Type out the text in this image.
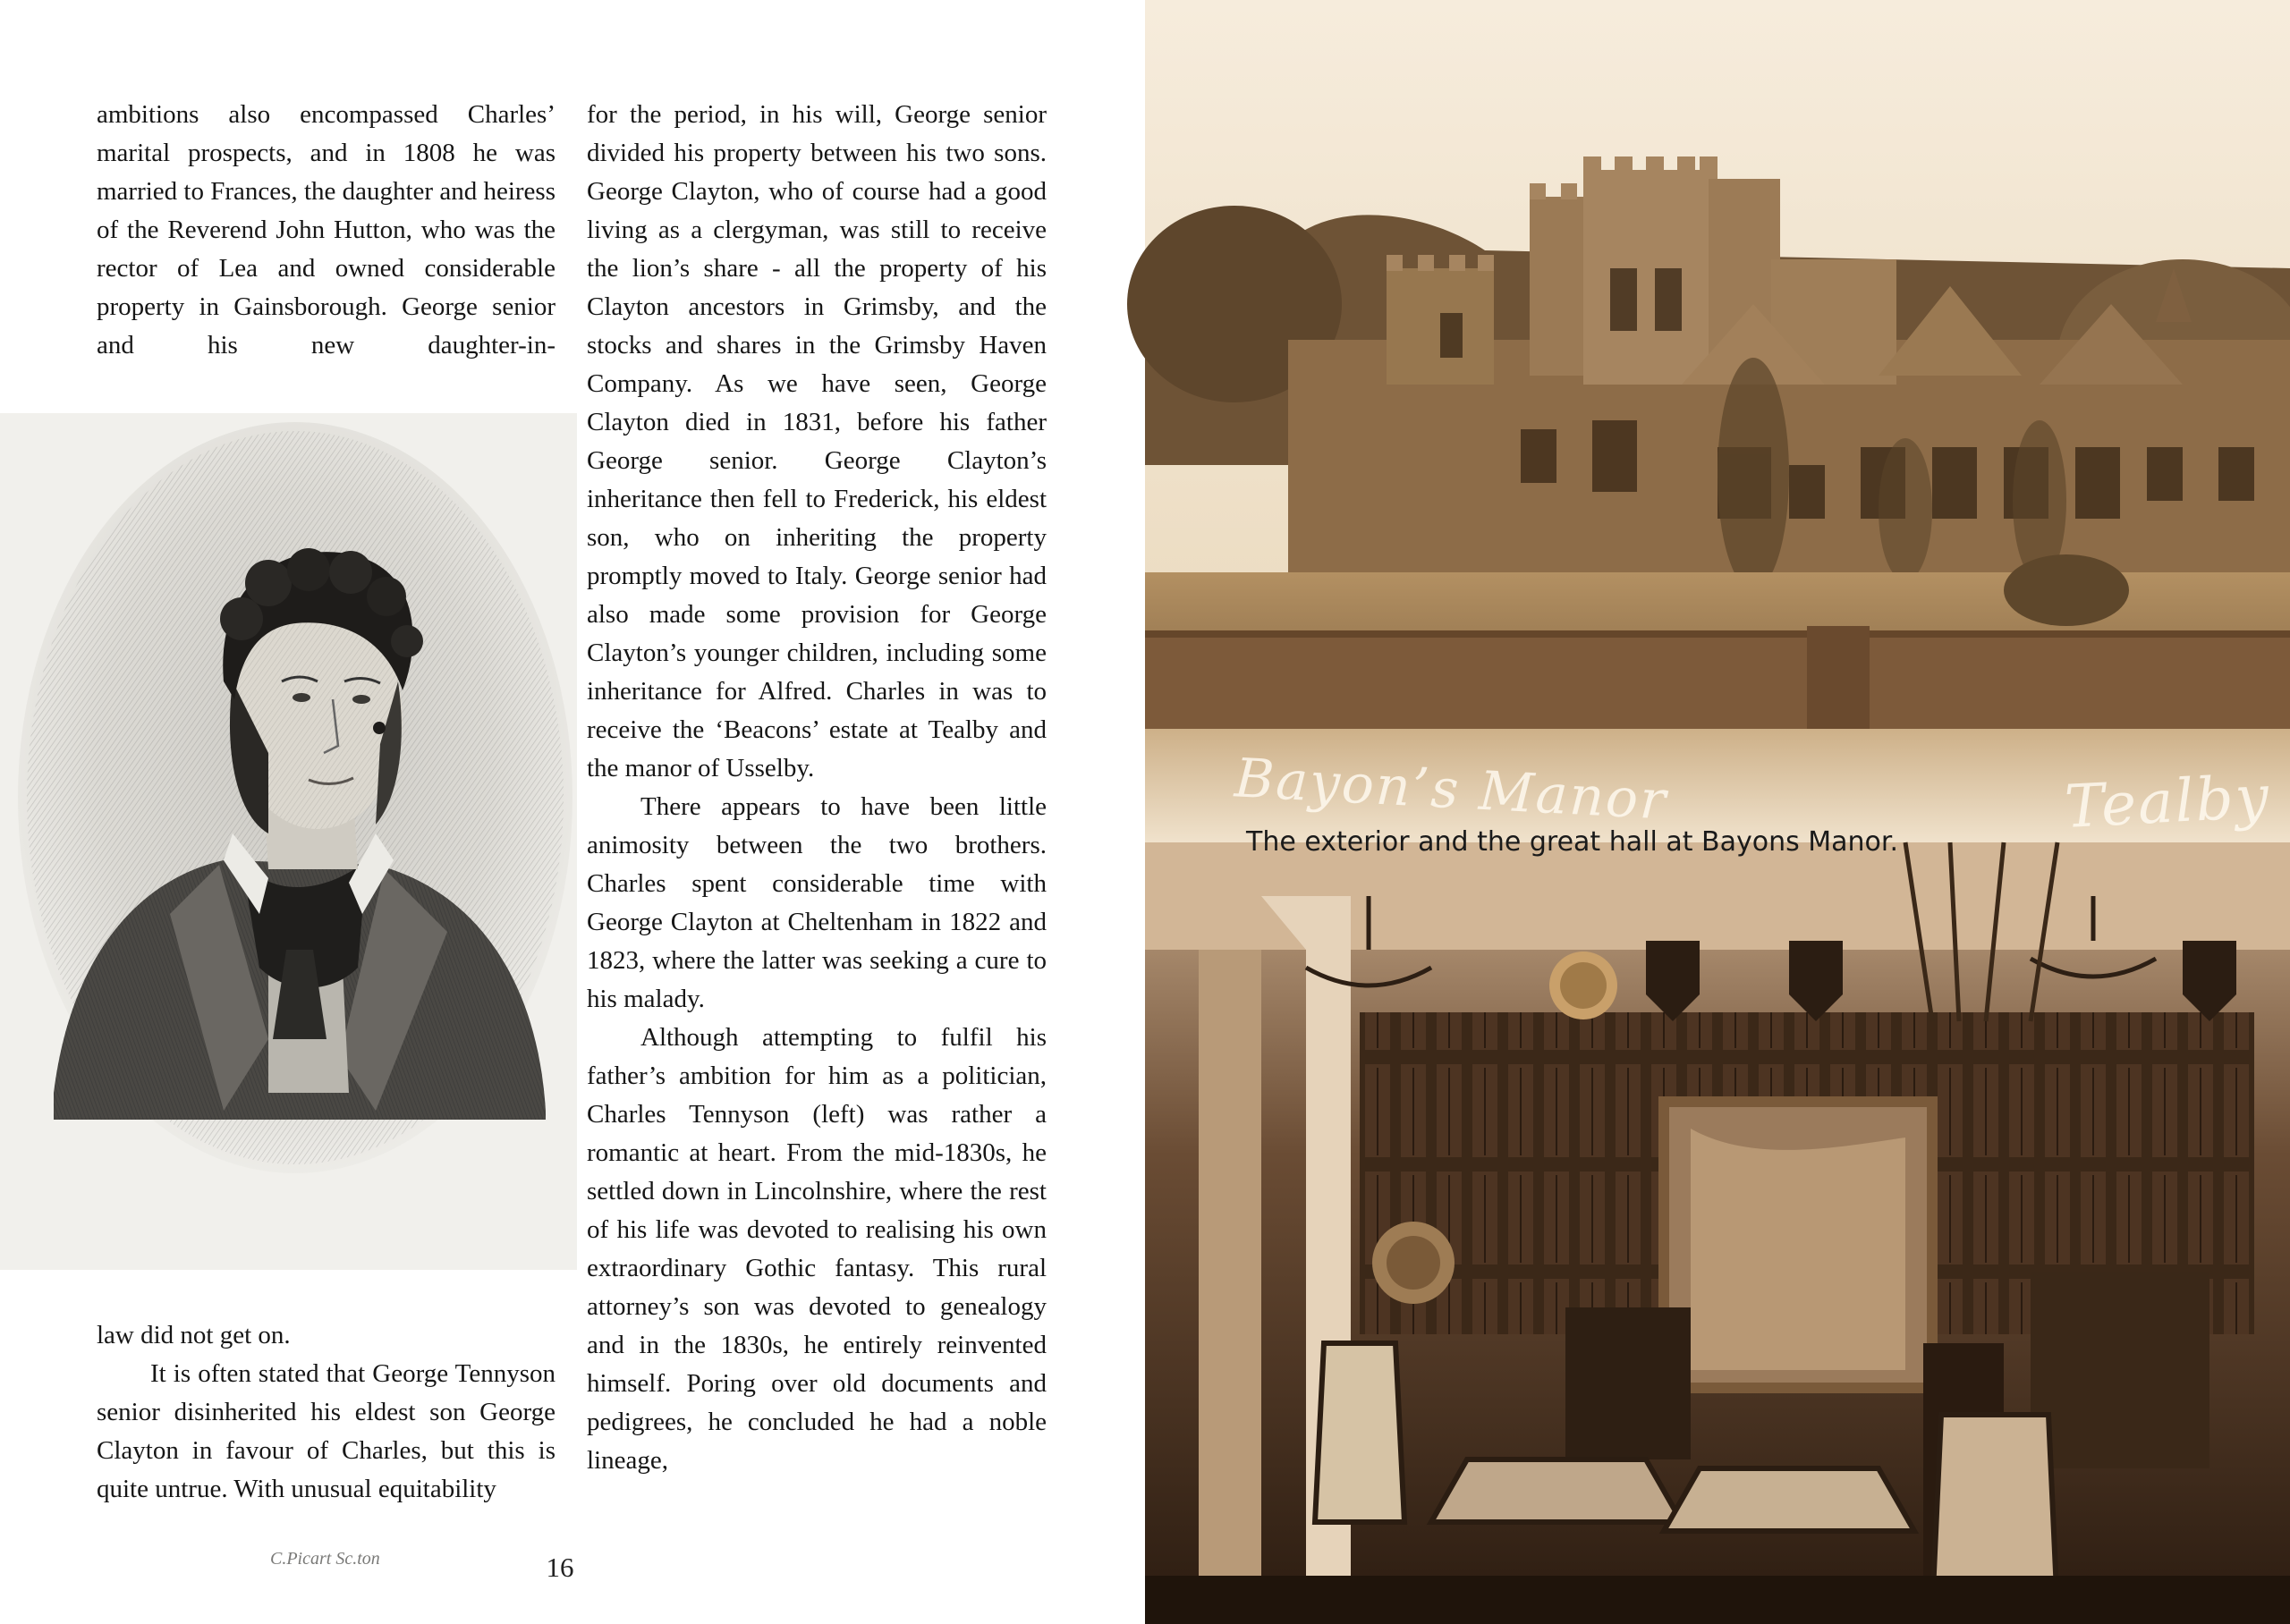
ambitions also encompassed Charles’ marital prospects, and in 1808 he was married to Frances, the daughter and heiress of the Reverend John Hutton, who was the rector of Lea and owned considerable property in Gainsborough. George senior and his new daughter-in-

C.Picart Sc.ton

law did not get on.

It is often stated that George Tennyson senior disinherited his eldest son George Clayton in favour of Charles, but this is quite untrue. With unusual equitability

for the period, in his will, George senior divided his property between his two sons. George Clayton, who of course had a good living as a clergyman, was still to receive the lion’s share - all the property of his Clayton ancestors in Grimsby, and the stocks and shares in the Grimsby Haven Company. As we have seen, George Clayton died in 1831, before his father George senior. George Clayton’s inheritance then fell to Frederick, his eldest son, who on inheriting the property promptly moved to Italy. George senior had also made some provision for George Clayton’s younger children, including some inheritance for Alfred. Charles in was to receive the ‘Beacons’ estate at Tealby and the manor of Usselby.

There appears to have been little animosity between the two brothers. Charles spent considerable time with George Clayton at Cheltenham in 1822 and 1823, where the latter was seeking a cure to his malady.

Although attempting to fulfil his father’s ambition for him as a politician, Charles Tennyson (left) was rather a romantic at heart. From the mid-1830s, he settled down in Lincolnshire, where the rest of his life was devoted to realising his own extraordinary Gothic fantasy. This rural attorney’s son was devoted to genealogy and in the 1830s, he entirely reinvented himself. Poring over old documents and pedigrees, he concluded he had a noble lineage,

16
Bayon’s Manor	Tealby
The exterior and the great hall at Bayons Manor.
